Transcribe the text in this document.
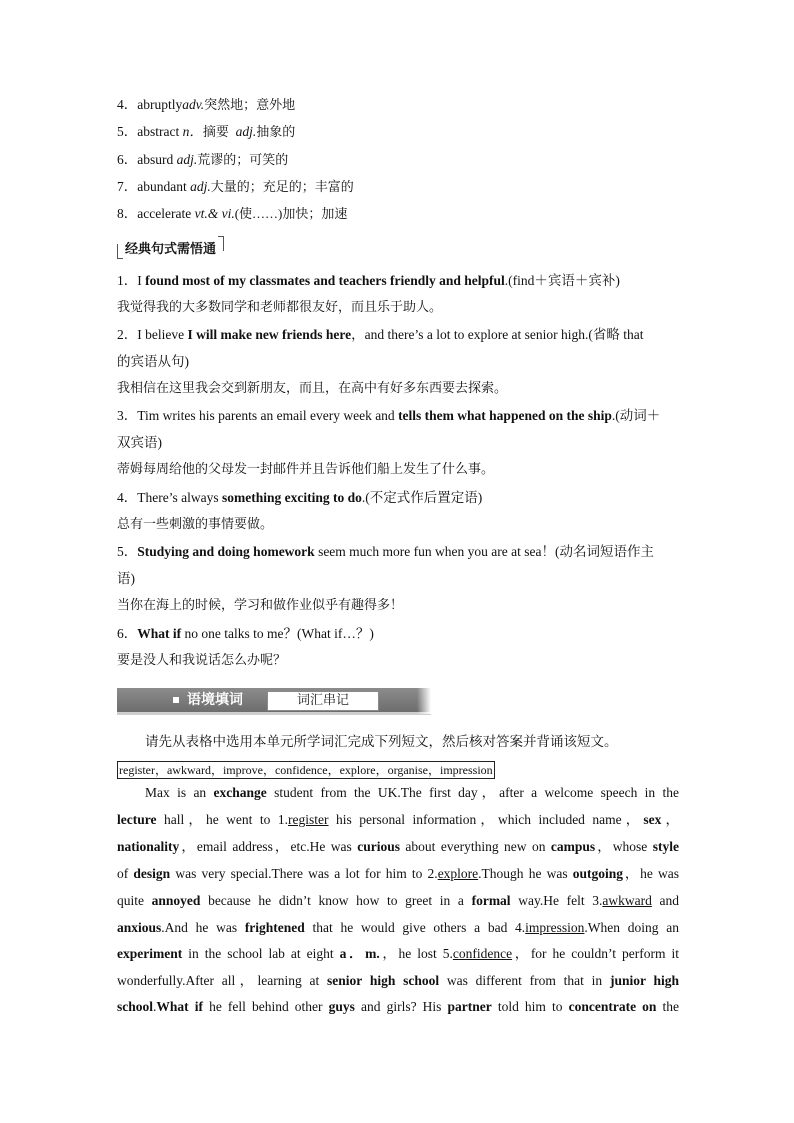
4．abruptlyadv.突然地；意外地
5．abstract n．摘要 adj.抽象的
6．absurd adj.荒谬的；可笑的
7．abundant adj.大量的；充足的；丰富的
8．accelerate vt.& vi.(使……)加快；加速
经典句式需悟通
1．I found most of my classmates and teachers friendly and helpful.(find＋宾语＋宾补)
我觉得我的大多数同学和老师都很友好，而且乐于助人。
2．I believe I will make new friends here，and there’s a lot to explore at senior high.(省略 that
的宾语从句)
我相信在这里我会交到新朋友，而且，在高中有好多东西要去探索。
3．Tim writes his parents an email every week and tells them what happened on the ship.(动词＋
双宾语)
蒂姆每周给他的父母发一封邮件并且告诉他们船上发生了什么事。
4．There’s always something exciting to do.(不定式作后置定语)
总有一些刺激的事情要做。
5．Studying and doing homework seem much more fun when you are at sea！(动名词短语作主
语)
当你在海上的时候，学习和做作业似乎有趣得多！
6．What if no one talks to me？(What if…？)
要是没人和我说话怎么办呢？
语境填词	词汇串记
请先从表格中选用本单元所学词汇完成下列短文，然后核对答案并背诵该短文。
register，awkward，improve，confidence，explore，organise，impression
Max is an exchange student from the UK.The first day，after a welcome speech in the
lecture hall，he went to 1.register his personal information，which included name，sex，
nationality，email address，etc.He was curious about everything new on campus，whose style
of design was very special.There was a lot for him to 2.explore.Though he was outgoing，he was
quite annoyed because he didn’t know how to greet in a formal way.He felt 3.awkward and
anxious.And he was frightened that he would give others a bad 4.impression.When doing an
experiment in the school lab at eight a．m.，he lost 5.confidence，for he couldn’t perform it
wonderfully.After all，learning at senior high school was different from that in junior high
school.What if he fell behind other guys and girls? His partner told him to concentrate on the
